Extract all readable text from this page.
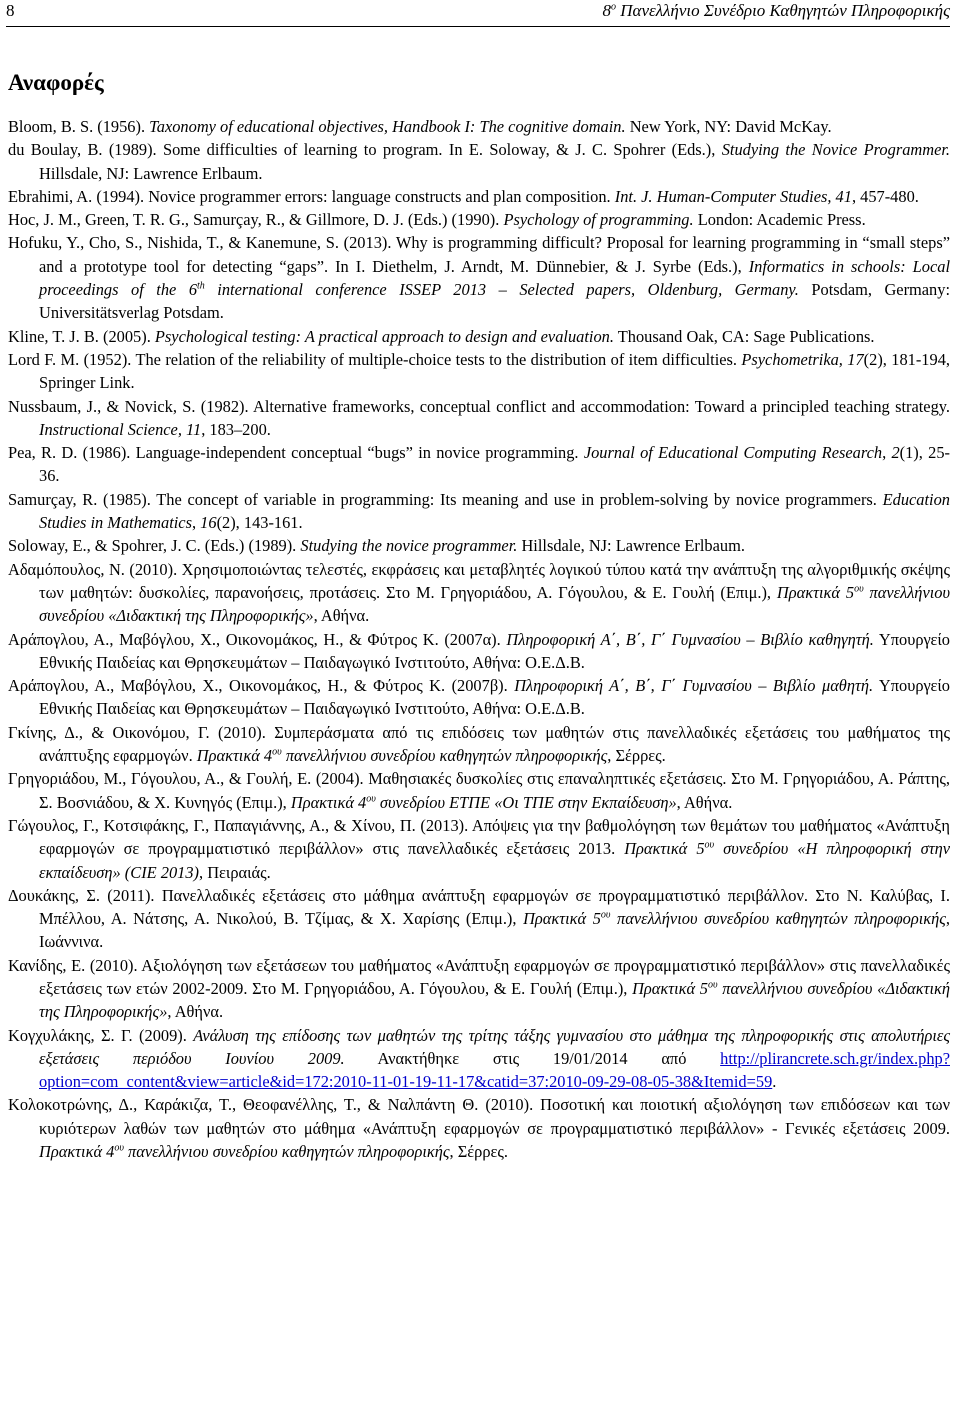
8	$8^o$ Πανελλήνιο Συνέδριο Καθηγητών Πληροφορικής
Αναφορές

Bloom, B. S. (1956). Taxonomy of educational objectives, Handbook I: The cognitive domain. New York, NY: David McKay.

du Boulay, B. (1989). Some difficulties of learning to program. In E. Soloway, & J. C. Spohrer (Eds.), Studying the Novice Programmer. Hillsdale, NJ: Lawrence Erlbaum.

Ebrahimi, A. (1994). Novice programmer errors: language constructs and plan composition. Int. J. Human-Computer Studies, 41, 457-480.

Hoc, J. M., Green, T. R. G., Samurçay, R., & Gillmore, D. J. (Eds.) (1990). Psychology of programming. London: Academic Press.

Hofuku, Y., Cho, S., Nishida, T., & Kanemune, S. (2013). Why is programming difficult? Proposal for learning programming in “small steps” and a prototype tool for detecting “gaps”. In I. Diethelm, J. Arndt, M. Dünnebier, & J. Syrbe (Eds.), Informatics in schools: Local proceedings of the 6th international conference ISSEP 2013 – Selected papers, Oldenburg, Germany. Potsdam, Germany: Universitätsverlag Potsdam.

Kline, T. J. B. (2005). Psychological testing: A practical approach to design and evaluation. Thousand Oak, CA: Sage Publications.

Lord F. M. (1952). The relation of the reliability of multiple-choice tests to the distribution of item difficulties. Psychometrika, 17(2), 181-194, Springer Link.

Nussbaum, J., & Novick, S. (1982). Alternative frameworks, conceptual conflict and accommodation: Toward a principled teaching strategy. Instructional Science, 11, 183–200.

Pea, R. D. (1986). Language-independent conceptual “bugs” in novice programming. Journal of Educational Computing Research, 2(1), 25-36.

Samurçay, R. (1985). The concept of variable in programming: Its meaning and use in problem-solving by novice programmers. Education Studies in Mathematics, 16(2), 143-161.

Soloway, E., & Spohrer, J. C. (Eds.) (1989). Studying the novice programmer. Hillsdale, NJ: Lawrence Erlbaum.

Αδαμόπουλος, Ν. (2010). Χρησιμοποιώντας τελεστές, εκφράσεις και μεταβλητές λογικού τύπου κατά την ανάπτυξη της αλγοριθμικής σκέψης των μαθητών: δυσκολίες, παρανοήσεις, προτάσεις. Στο Μ. Γρηγοριάδου, Α. Γόγουλου, & Ε. Γουλή (Επιμ.), Πρακτικά $5^{o\upsilon}$ πανελλήνιου συνεδρίου «Διδακτική της Πληροφορικής», Αθήνα.

Αράπογλου, Α., Μαβόγλου, Χ., Οικονομάκος, Η., & Φύτρος Κ. (2007α). Πληροφορική Α΄, Β΄, Γ΄ Γυμνασίου – Βιβλίο καθηγητή. Υπουργείο Εθνικής Παιδείας και Θρησκευμάτων – Παιδαγωγικό Ινστιτούτο, Αθήνα: Ο.Ε.Δ.Β.

Αράπογλου, Α., Μαβόγλου, Χ., Οικονομάκος, Η., & Φύτρος Κ. (2007β). Πληροφορική Α΄, Β΄, Γ΄ Γυμνασίου – Βιβλίο μαθητή. Υπουργείο Εθνικής Παιδείας και Θρησκευμάτων – Παιδαγωγικό Ινστιτούτο, Αθήνα: Ο.Ε.Δ.Β.

Γκίνης, Δ., & Οικονόμου, Γ. (2010). Συμπεράσματα από τις επιδόσεις των μαθητών στις πανελλαδικές εξετάσεις του μαθήματος της ανάπτυξης εφαρμογών. Πρακτικά $4^{o\upsilon}$ πανελλήνιου συνεδρίου καθηγητών πληροφορικής, Σέρρες.

Γρηγοριάδου, Μ., Γόγουλου, Α., & Γουλή, Ε. (2004). Μαθησιακές δυσκολίες στις επαναληπτικές εξετάσεις. Στο Μ. Γρηγοριάδου, Α. Ράπτης, Σ. Βοσνιάδου, & Χ. Κυνηγός (Επιμ.), Πρακτικά $4^{o\upsilon}$ συνεδρίου ΕΤΠΕ «Οι ΤΠΕ στην Εκπαίδευση», Αθήνα.

Γώγουλος, Γ., Κοτσιφάκης, Γ., Παπαγιάννης, Α., & Χίνου, Π. (2013). Απόψεις για την βαθμολόγηση των θεμάτων του μαθήματος «Ανάπτυξη εφαρμογών σε προγραμματιστικό περιβάλλον» στις πανελλαδικές εξετάσεις 2013. Πρακτικά $5^{o\upsilon}$ συνεδρίου «Η πληροφορική στην εκπαίδευση» (CIE 2013), Πειραιάς.

Δουκάκης, Σ. (2011). Πανελλαδικές εξετάσεις στο μάθημα ανάπτυξη εφαρμογών σε προγραμματιστικό περιβάλλον. Στο Ν. Καλύβας, Ι. Μπέλλου, Α. Νάτσης, Α. Νικολού, Β. Τζίμας, & Χ. Χαρίσης (Επιμ.), Πρακτικά $5^{o\upsilon}$ πανελλήνιου συνεδρίου καθηγητών πληροφορικής, Ιωάννινα.

Κανίδης, Ε. (2010). Αξιολόγηση των εξετάσεων του μαθήματος «Ανάπτυξη εφαρμογών σε προγραμματιστικό περιβάλλον» στις πανελλαδικές εξετάσεις των ετών 2002-2009. Στο Μ. Γρηγοριάδου, Α. Γόγουλου, & Ε. Γουλή (Επιμ.), Πρακτικά $5^{o\upsilon}$ πανελλήνιου συνεδρίου «Διδακτική της Πληροφορικής», Αθήνα.

Κογχυλάκης, Σ. Γ. (2009). Ανάλυση της επίδοσης των μαθητών της τρίτης τάξης γυμνασίου στο μάθημα της πληροφορικής στις απολυτήριες εξετάσεις περιόδου Ιουνίου 2009. Ανακτήθηκε στις 19/01/2014 από http://plirancrete.sch.gr/index.php?option=com_content&view=article&id=172:2010-11-01-19-11-17&catid=37:2010-09-29-08-05-38&Itemid=59.

Κολοκοτρώνης, Δ., Καράκιζα, Τ., Θεοφανέλλης, Τ., & Ναλπάντη Θ. (2010). Ποσοτική και ποιοτική αξιολόγηση των επιδόσεων και των κυριότερων λαθών των μαθητών στο μάθημα «Ανάπτυξη εφαρμογών σε προγραμματιστικό περιβάλλον» - Γενικές εξετάσεις 2009. Πρακτικά $4^{o\upsilon}$ πανελλήνιου συνεδρίου καθηγητών πληροφορικής, Σέρρες.
